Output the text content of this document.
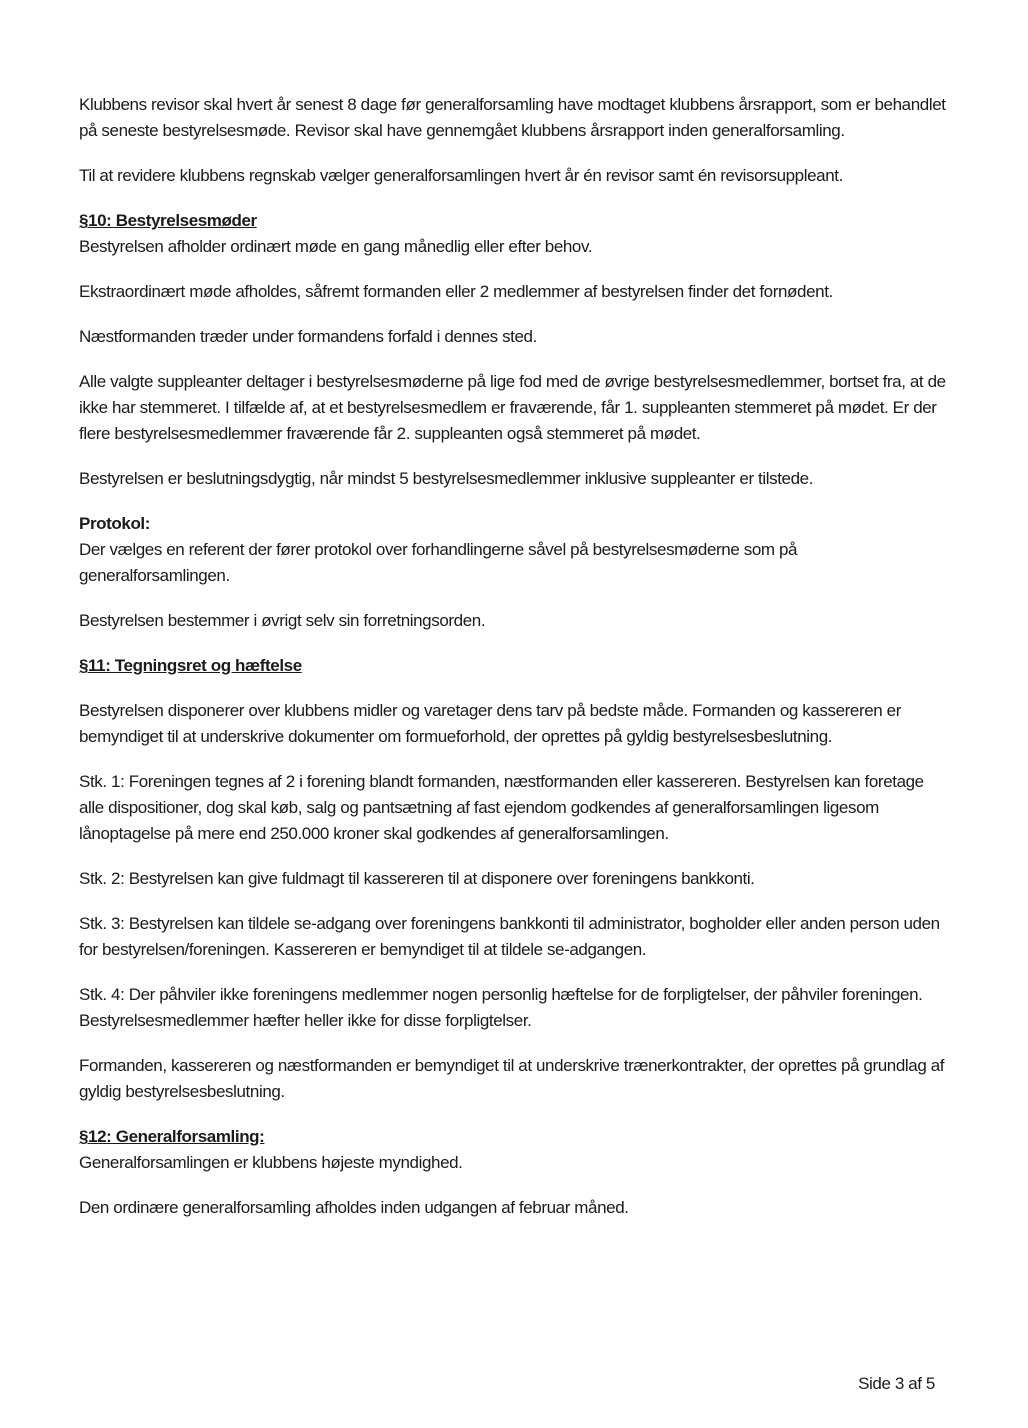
Klubbens revisor skal hvert år senest 8 dage før generalforsamling have modtaget klubbens årsrapport, som er behandlet på seneste bestyrelsesmøde. Revisor skal have gennemgået klubbens årsrapport inden generalforsamling.

Til at revidere klubbens regnskab vælger generalforsamlingen hvert år én revisor samt én revisorsuppleant.

§10: Bestyrelsesmøder

Bestyrelsen afholder ordinært møde en gang månedlig eller efter behov.

Ekstraordinært møde afholdes, såfremt formanden eller 2 medlemmer af bestyrelsen finder det fornødent.

Næstformanden træder under formandens forfald i dennes sted.

Alle valgte suppleanter deltager i bestyrelsesmøderne på lige fod med de øvrige bestyrelsesmedlemmer, bortset fra, at de ikke har stemmeret. I tilfælde af, at et bestyrelsesmedlem er fraværende, får 1. suppleanten stemmeret på mødet. Er der flere bestyrelsesmedlemmer fraværende får 2. suppleanten også stemmeret på mødet.

Bestyrelsen er beslutningsdygtig, når mindst 5 bestyrelsesmedlemmer inklusive suppleanter er tilstede.

Protokol:

Der vælges en referent der fører protokol over forhandlingerne såvel på bestyrelsesmøderne som på generalforsamlingen.

Bestyrelsen bestemmer i øvrigt selv sin forretningsorden.

§11: Tegningsret og hæftelse

Bestyrelsen disponerer over klubbens midler og varetager dens tarv på bedste måde. Formanden og kassereren er bemyndiget til at underskrive dokumenter om formueforhold, der oprettes på gyldig bestyrelsesbeslutning.

Stk. 1: Foreningen tegnes af 2 i forening blandt formanden, næstformanden eller kassereren. Bestyrelsen kan foretage alle dispositioner, dog skal køb, salg og pantsætning af fast ejendom godkendes af generalforsamlingen ligesom lånoptagelse på mere end 250.000 kroner skal godkendes af generalforsamlingen.

Stk. 2: Bestyrelsen kan give fuldmagt til kassereren til at disponere over foreningens bankkonti.

Stk. 3: Bestyrelsen kan tildele se-adgang over foreningens bankkonti til administrator, bogholder eller anden person uden for bestyrelsen/foreningen. Kassereren er bemyndiget til at tildele se-adgangen.

Stk. 4: Der påhviler ikke foreningens medlemmer nogen personlig hæftelse for de forpligtelser, der påhviler foreningen. Bestyrelsesmedlemmer hæfter heller ikke for disse forpligtelser.

Formanden, kassereren og næstformanden er bemyndiget til at underskrive trænerkontrakter, der oprettes på grundlag af gyldig bestyrelsesbeslutning.

§12: Generalforsamling:

Generalforsamlingen er klubbens højeste myndighed.

Den ordinære generalforsamling afholdes inden udgangen af februar måned.

Side 3 af 5
